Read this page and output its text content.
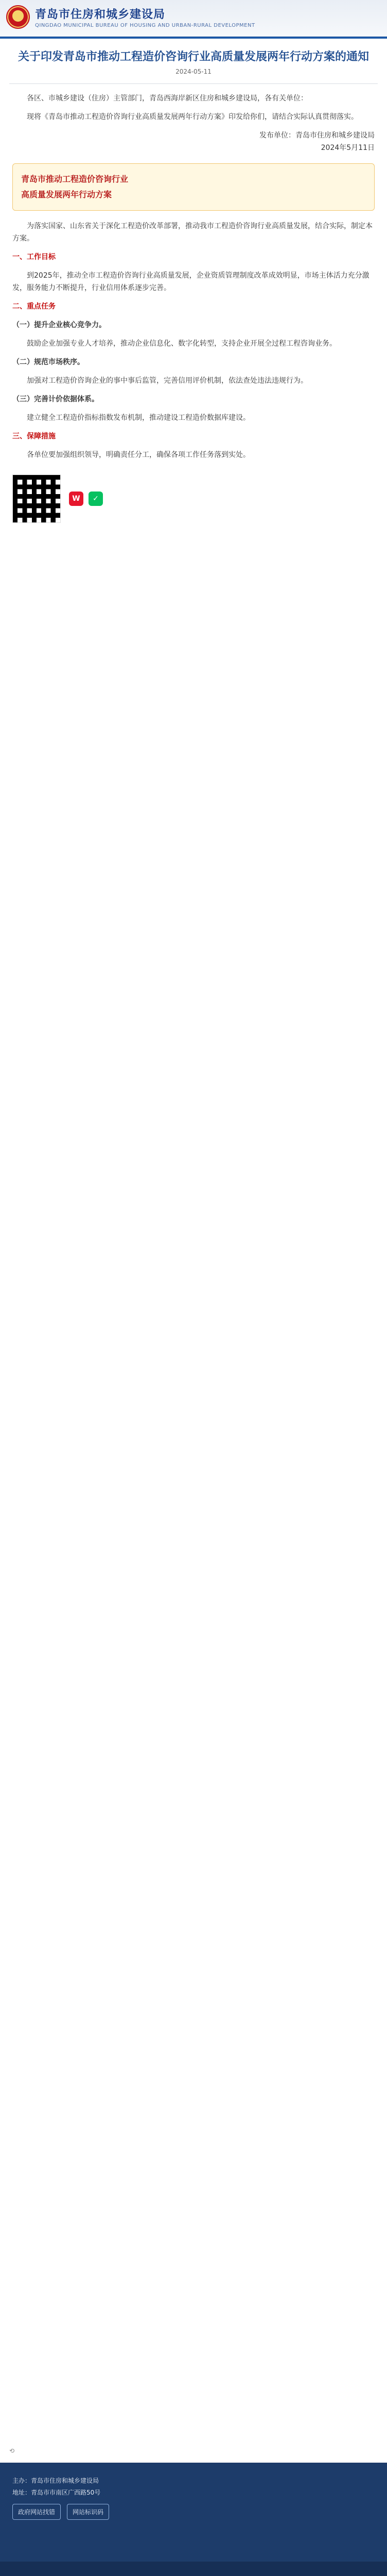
青岛市住房和城乡建设局
QINGDAO MUNICIPAL BUREAU OF HOUSING AND URBAN-RURAL DEVELOPMENT
关于印发青岛市推动工程造价咨询行业高质量发展两年行动方案的通知
2024-05-11

各区、市城乡建设（住房）主管部门，青岛西海岸新区住房和城乡建设局，各有关单位：

现将《青岛市推动工程造价咨询行业高质量发展两年行动方案》印发给你们，请结合实际认真贯彻落实。

发布单位：青岛市住房和城乡建设局
2024年5月11日
青岛市推动工程造价咨询行业
高质量发展两年行动方案

为落实国家、山东省关于深化工程造价改革部署，推动我市工程造价咨询行业高质量发展，结合实际，制定本方案。

一、工作目标

到2025年，推动全市工程造价咨询行业高质量发展，企业资质管理制度改革成效明显，市场主体活力充分激发，服务能力不断提升，行业信用体系逐步完善。

二、重点任务

（一）提升企业核心竞争力。

鼓励企业加强专业人才培养，推动企业信息化、数字化转型，支持企业开展全过程工程咨询业务。

（二）规范市场秩序。

加强对工程造价咨询企业的事中事后监管，完善信用评价机制，依法查处违法违规行为。

（三）完善计价依据体系。

建立健全工程造价指标指数发布机制，推动建设工程造价数据库建设。

三、保障措施

各单位要加强组织领导，明确责任分工，确保各项工作任务落到实处。

W	✓
⟲
主办：青岛市住房和城乡建设局
地址：青岛市市南区广西路50号
政府网站找错	网站标识码
